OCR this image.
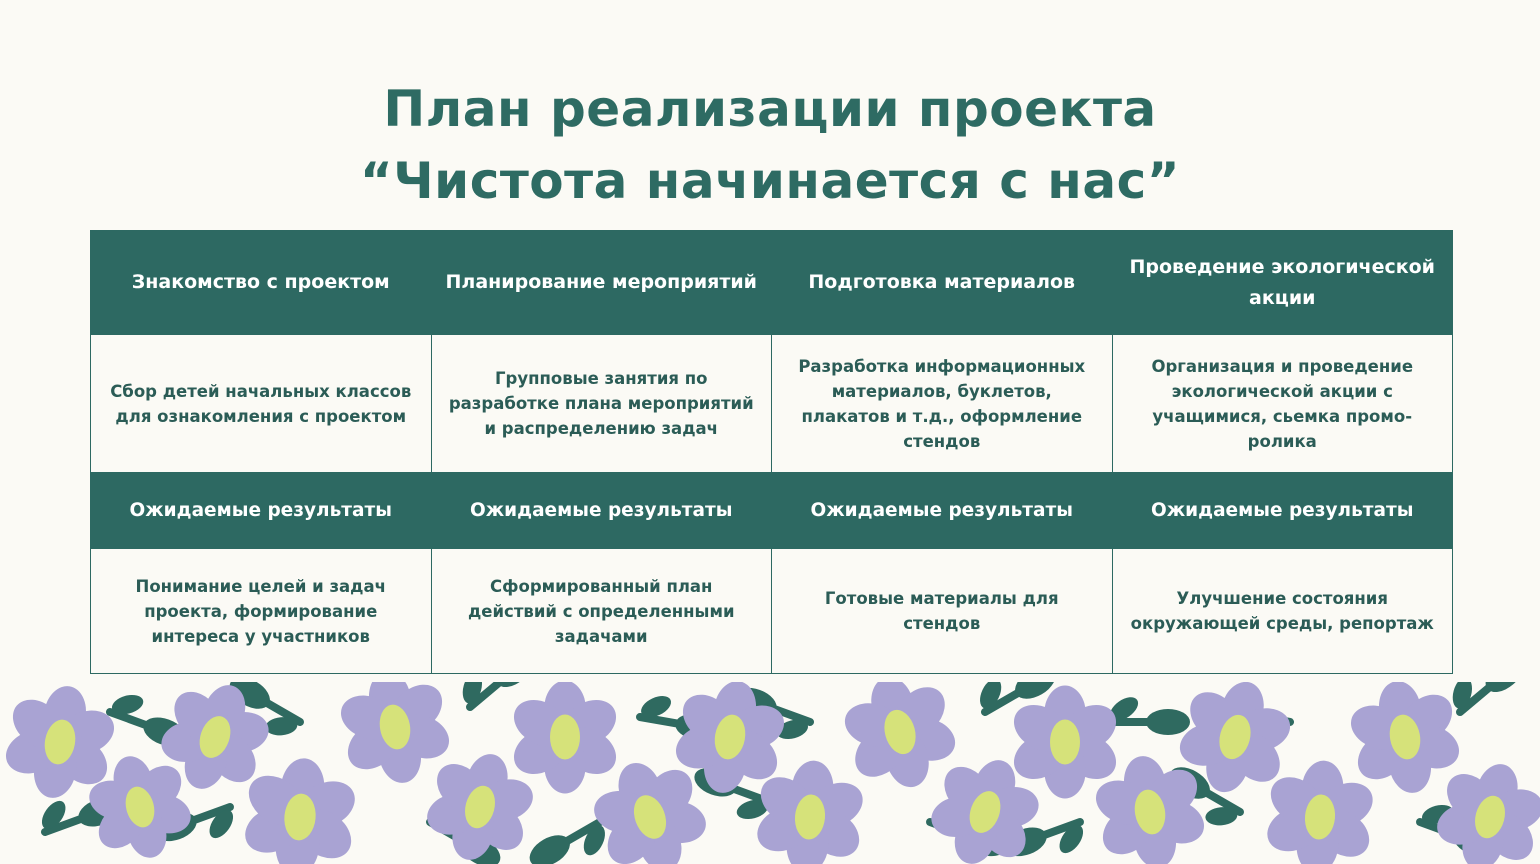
План реализации проекта
“Чистота начинается с нас”
Знакомство с проектом	Планирование мероприятий	Подготовка материалов	Проведение экологической акции
Сбор детей начальных классов для ознакомления с проектом	Групповые занятия по разработке плана мероприятий и распределению задач	Разработка информационных материалов, буклетов, плакатов и т.д., оформление стендов	Организация и проведение экологической акции с учащимися, сьемка промо-ролика
Ожидаемые результаты	Ожидаемые результаты	Ожидаемые результаты	Ожидаемые результаты
Понимание целей и задач проекта, формирование интереса у участников	Сформированный план действий с определенными задачами	Готовые материалы для стендов	Улучшение состояния окружающей среды, репортаж
